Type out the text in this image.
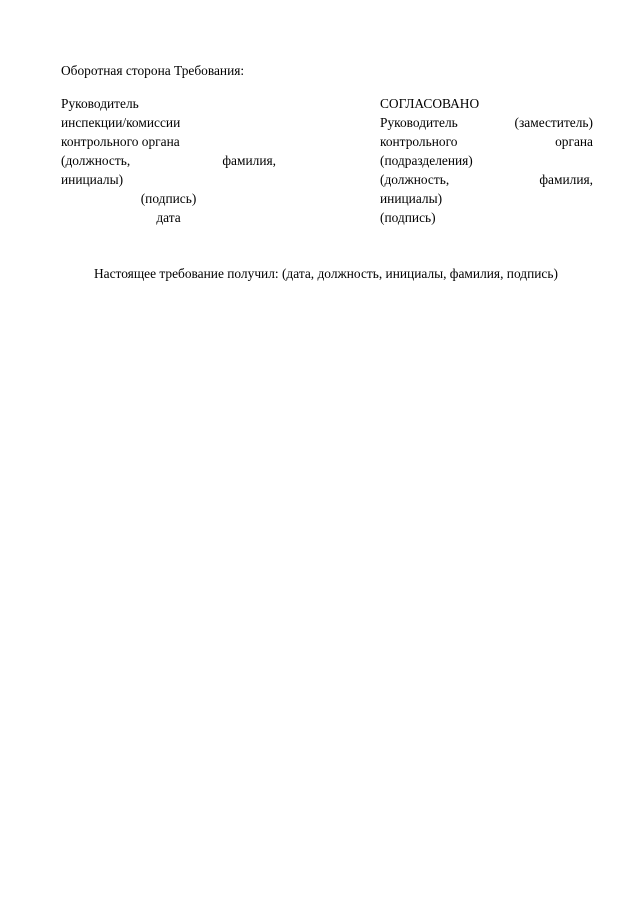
Оборотная сторона Требования:
Руководитель
инспекции/комиссии
контрольного органа
(должность,	фамилия,
инициалы)
(подпись)
дата
СОГЛАСОВАНО
Руководитель	(заместитель)
контрольного	органа
(подразделения)
(должность,	фамилия,
инициалы)
(подпись)
Настоящее требование получил: (дата, должность, инициалы, фамилия, подпись)
